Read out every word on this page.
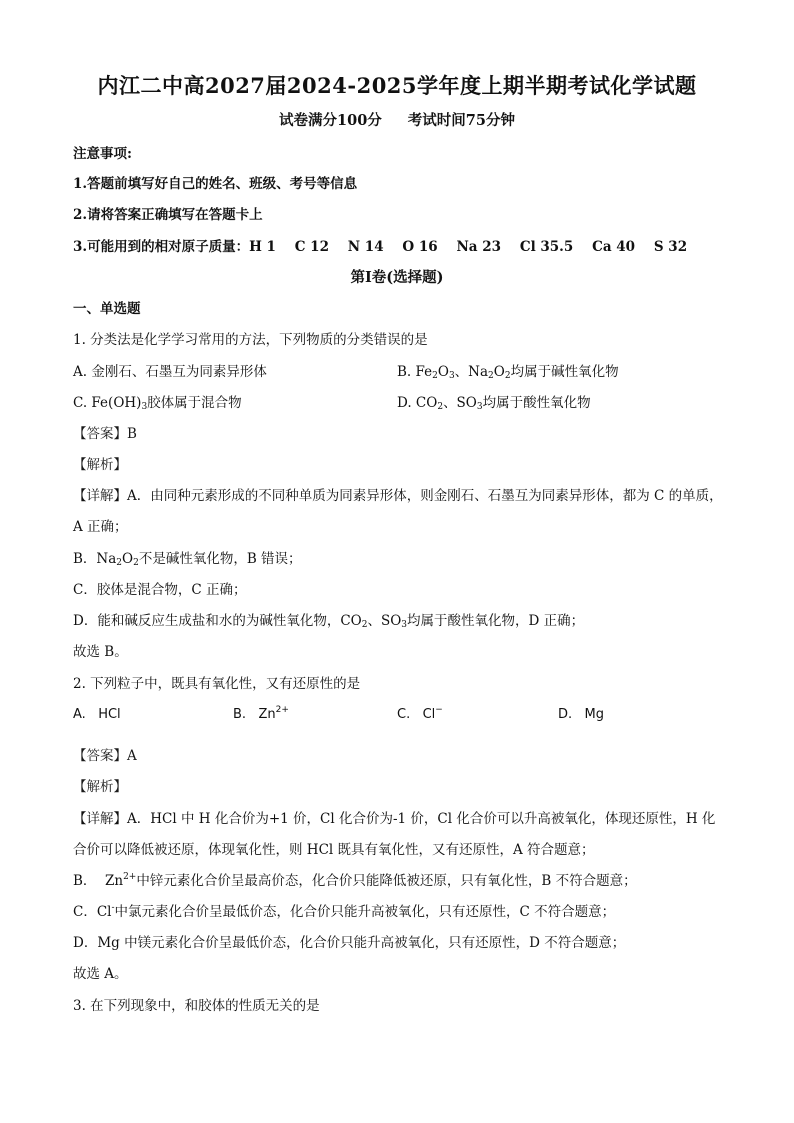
内江二中高2027届2024-2025学年度上期半期考试化学试题
试卷满分100分 考试时间75分钟
注意事项:
1.答题前填写好自己的姓名、班级、考号等信息
2.请将答案正确填写在答题卡上
3.可能用到的相对原子质量：H 1    C 12    N 14    O 16    Na 23    Cl 35.5    Ca 40    S 32
第Ⅰ卷(选择题)
一、单选题
1. 分类法是化学学习常用的方法，下列物质的分类错误的是
A. 金刚石、石墨互为同素异形体	B. $Fe_2O_3$、$Na_2O_2$均属于碱性氧化物
C. $Fe(OH)_3$胶体属于混合物	D. $CO_2$、$SO_3$均属于酸性氧化物
【答案】B
【解析】
【详解】A．由同种元素形成的不同种单质为同素异形体，则金刚石、石墨互为同素异形体，都为 C 的单质，
A 正确；
B．$Na_2O_2$不是碱性氧化物，B 错误；
C．胶体是混合物，C 正确；
D．能和碱反应生成盐和水的为碱性氧化物，$CO_2$、$SO_3$均属于酸性氧化物，D 正确；
故选 B。
2. 下列粒子中，既具有氧化性，又有还原性的是
A.   HCl	B.   $Zn^{2+}$	C.   Cl−	D.   Mg
【答案】A
【解析】
【详解】A．HCl 中 H 化合价为+1 价，Cl 化合价为-1 价，Cl 化合价可以升高被氧化，体现还原性，H 化
合价可以降低被还原，体现氧化性，则 HCl 既具有氧化性，又有还原性，A 符合题意；
B．  $Zn^{2+}$中锌元素化合价呈最高价态，化合价只能降低被还原，只有氧化性，B 不符合题意；
C．Cl-中氯元素化合价呈最低价态，化合价只能升高被氧化，只有还原性，C 不符合题意；
D．Mg 中镁元素化合价呈最低价态，化合价只能升高被氧化，只有还原性，D 不符合题意；
故选 A。
3. 在下列现象中，和胶体的性质无关的是
